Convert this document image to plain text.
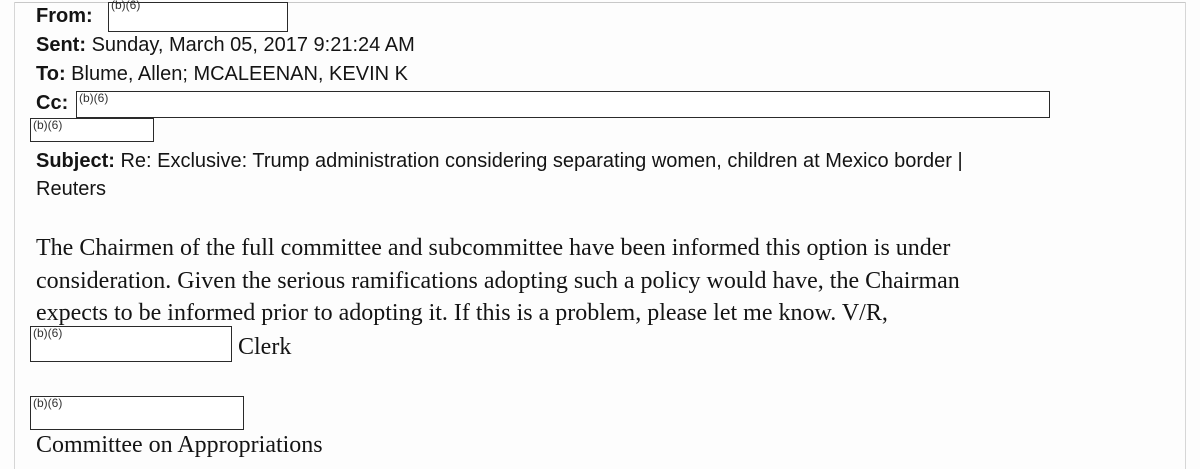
From: (b)(6)
Sent: Sunday, March 05, 2017 9:21:24 AM
To: Blume, Allen; MCALEENAN, KEVIN K
Cc: (b)(6)
(b)(6)
Subject: Re: Exclusive: Trump administration considering separating women, children at Mexico border |
Reuters
The Chairmen of the full committee and subcommittee have been informed this option is under
consideration. Given the serious ramifications adopting such a policy would have, the Chairman
expects to be informed prior to adopting it. If this is a problem, please let me know. V/R,
(b)(6)
Clerk
(b)(6)
Committee on Appropriations
